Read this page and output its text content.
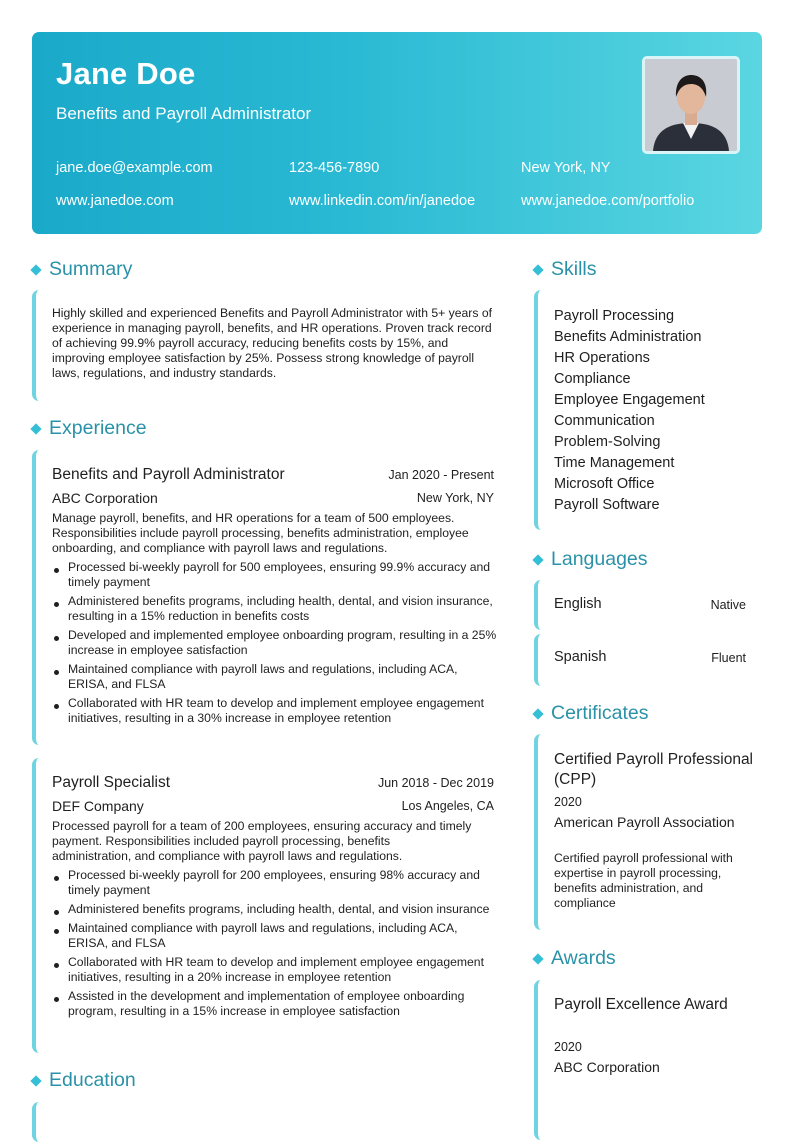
Jane Doe
Benefits and Payroll Administrator
jane.doe@example.com	123-456-7890	New York, NY
www.janedoe.com	www.linkedin.com/in/janedoe	www.janedoe.com/portfolio
Summary
Highly skilled and experienced Benefits and Payroll Administrator with 5+ years of experience in managing payroll, benefits, and HR operations. Proven track record of achieving 99.9% payroll accuracy, reducing benefits costs by 15%, and improving employee satisfaction by 25%. Possess strong knowledge of payroll laws, regulations, and industry standards.
Experience
Benefits and Payroll Administrator	Jan 2020 - Present
ABC Corporation	New York, NY
Manage payroll, benefits, and HR operations for a team of 500 employees. Responsibilities include payroll processing, benefits administration, employee onboarding, and compliance with payroll laws and regulations.
Processed bi-weekly payroll for 500 employees, ensuring 99.9% accuracy and timely payment
Administered benefits programs, including health, dental, and vision insurance, resulting in a 15% reduction in benefits costs
Developed and implemented employee onboarding program, resulting in a 25% increase in employee satisfaction
Maintained compliance with payroll laws and regulations, including ACA, ERISA, and FLSA
Collaborated with HR team to develop and implement employee engagement initiatives, resulting in a 30% increase in employee retention
Payroll Specialist	Jun 2018 - Dec 2019
DEF Company	Los Angeles, CA
Processed payroll for a team of 200 employees, ensuring accuracy and timely payment. Responsibilities included payroll processing, benefits administration, and compliance with payroll laws and regulations.
Processed bi-weekly payroll for 200 employees, ensuring 98% accuracy and timely payment
Administered benefits programs, including health, dental, and vision insurance
Maintained compliance with payroll laws and regulations, including ACA, ERISA, and FLSA
Collaborated with HR team to develop and implement employee engagement initiatives, resulting in a 20% increase in employee retention
Assisted in the development and implementation of employee onboarding program, resulting in a 15% increase in employee satisfaction
Education
Skills
Payroll Processing
Benefits Administration
HR Operations
Compliance
Employee Engagement
Communication
Problem-Solving
Time Management
Microsoft Office
Payroll Software
Languages
English	Native
Spanish	Fluent
Certificates
Certified Payroll Professional (CPP)
2020
American Payroll Association
Certified payroll professional with expertise in payroll processing, benefits administration, and compliance
Awards
Payroll Excellence Award
2020
ABC Corporation
